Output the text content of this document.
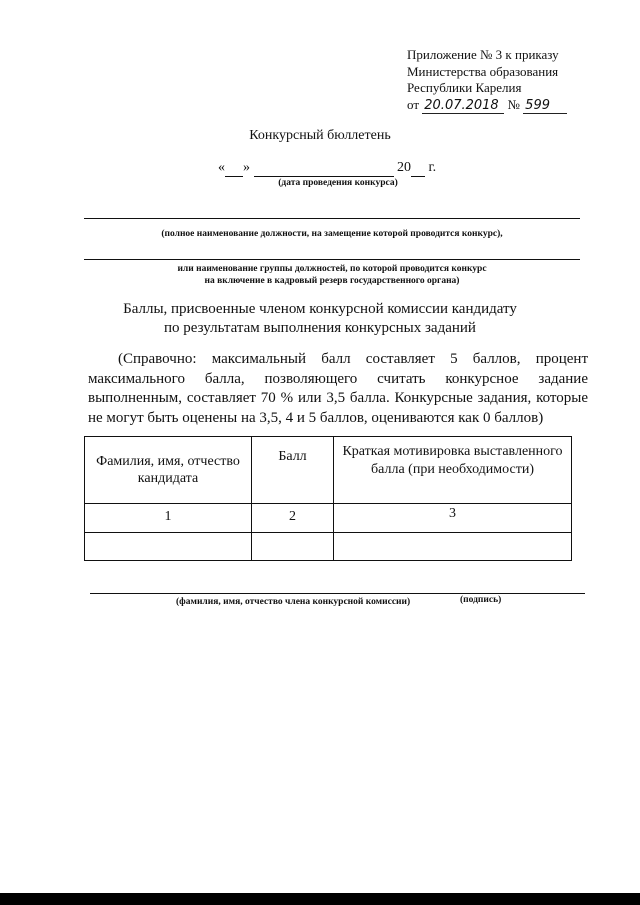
Приложение № 3 к приказу
Министерства образования
Республики Карелия
от 20.07.2018 № 599
Конкурсный бюллетень
« »	20 г.
(дата проведения конкурса)
(полное наименование должности, на замещение которой проводится конкурс),
или наименование группы должностей, по которой проводится конкурс
на включение в кадровый резерв государственного органа)
Баллы, присвоенные членом конкурсной комиссии кандидату
по результатам выполнения конкурсных заданий
(Справочно: максимальный балл составляет 5 баллов, процент максимального балла, позволяющего считать конкурсное задание выполненным, составляет 70 % или 3,5 балла. Конкурсные задания, которые не могут быть оценены на 3,5, 4 и 5 баллов, оцениваются как 0 баллов)
Фамилия, имя, отчество кандидата	Балл	Краткая мотивировка выставленного балла (при необходимости)
1	2	3

(фамилия, имя, отчество члена конкурсной комиссии)	(подпись)
